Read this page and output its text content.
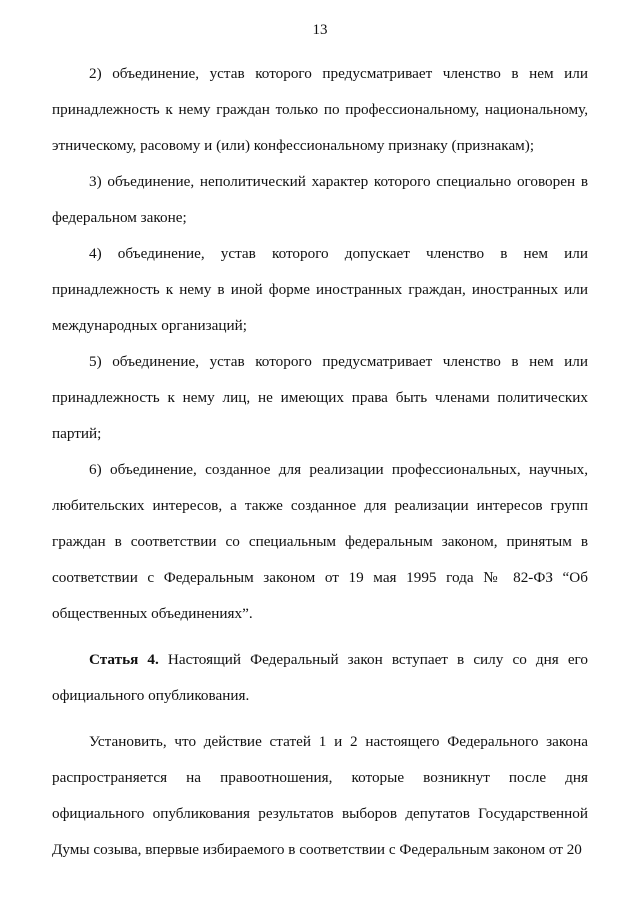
13

2) объединение, устав которого предусматривает членство в нем или принадлежность к нему граждан только по профессиональному, национальному, этническому, расовому и (или) конфессиональному признаку (признакам);

3) объединение, неполитический характер которого специально оговорен в федеральном законе;

4) объединение, устав которого допускает членство в нем или принадлежность к нему в иной форме иностранных граждан, иностранных или международных организаций;

5) объединение, устав которого предусматривает членство в нем или принадлежность к нему лиц, не имеющих права быть членами политических партий;

6) объединение, созданное для реализации профессиональных, научных, любительских интересов, а также созданное для реализации интересов групп граждан в соответствии со специальным федеральным законом, принятым в соответствии с Федеральным законом от 19 мая 1995 года № 82-ФЗ “Об общественных объединениях”.

Статья 4. Настоящий Федеральный закон вступает в силу со дня его официального опубликования.

Установить, что действие статей 1 и 2 настоящего Федерального закона распространяется на правоотношения, которые возникнут после дня официального опубликования результатов выборов депутатов Государственной Думы созыва, впервые избираемого в соответствии с Федеральным законом от 20
